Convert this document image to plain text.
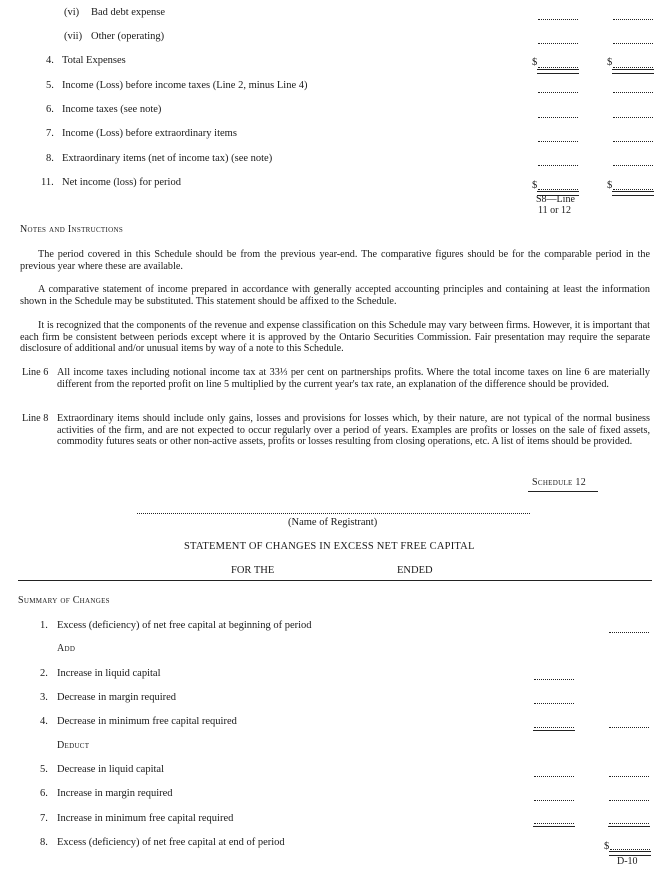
(vi) Bad debt expense
(vii) Other (operating)
4. Total Expenses	$	$
5. Income (Loss) before income taxes (Line 2, minus Line 4)
6. Income taxes (see note)
7. Income (Loss) before extraordinary items
8. Extraordinary items (net of income tax) (see note)
11. Net income (loss) for period	$	$
S8—Line
11 or 12
Notes and Instructions

The period covered in this Schedule should be from the previous year-end. The comparative figures should be for the comparable period in the previous year where these are available.

A comparative statement of income prepared in accordance with generally accepted accounting principles and containing at least the information shown in the Schedule may be substituted. This statement should be affixed to the Schedule.

It is recognized that the components of the revenue and expense classification on this Schedule may vary between firms. However, it is important that each firm be consistent between periods except where it is approved by the Ontario Securities Commission. Fair presentation may require the separate disclosure of additional and/or unusual items by way of a note to this Schedule.

Line 6 All income taxes including notional income tax at 33⅓ per cent on partnerships profits. Where the total income taxes on line 6 are materially different from the reported profit on line 5 multiplied by the current year's tax rate, an explanation of the difference should be provided.

Line 8 Extraordinary items should include only gains, losses and provisions for losses which, by their nature, are not typical of the normal business activities of the firm, and are not expected to occur regularly over a period of years. Examples are profits or losses on the sale of fixed assets, commodity futures seats or other non-active assets, profits or losses resulting from closing operations, etc. A list of items should be provided.

Schedule 12
(Name of Registrant)
STATEMENT OF CHANGES IN EXCESS NET FREE CAPITAL
FOR THE	ENDED
Summary of Changes
1. Excess (deficiency) of net free capital at beginning of period
Add
2. Increase in liquid capital
3. Decrease in margin required
4. Decrease in minimum free capital required
Deduct
5. Decrease in liquid capital
6. Increase in margin required
7. Increase in minimum free capital required
8. Excess (deficiency) of net free capital at end of period	$
D-10
